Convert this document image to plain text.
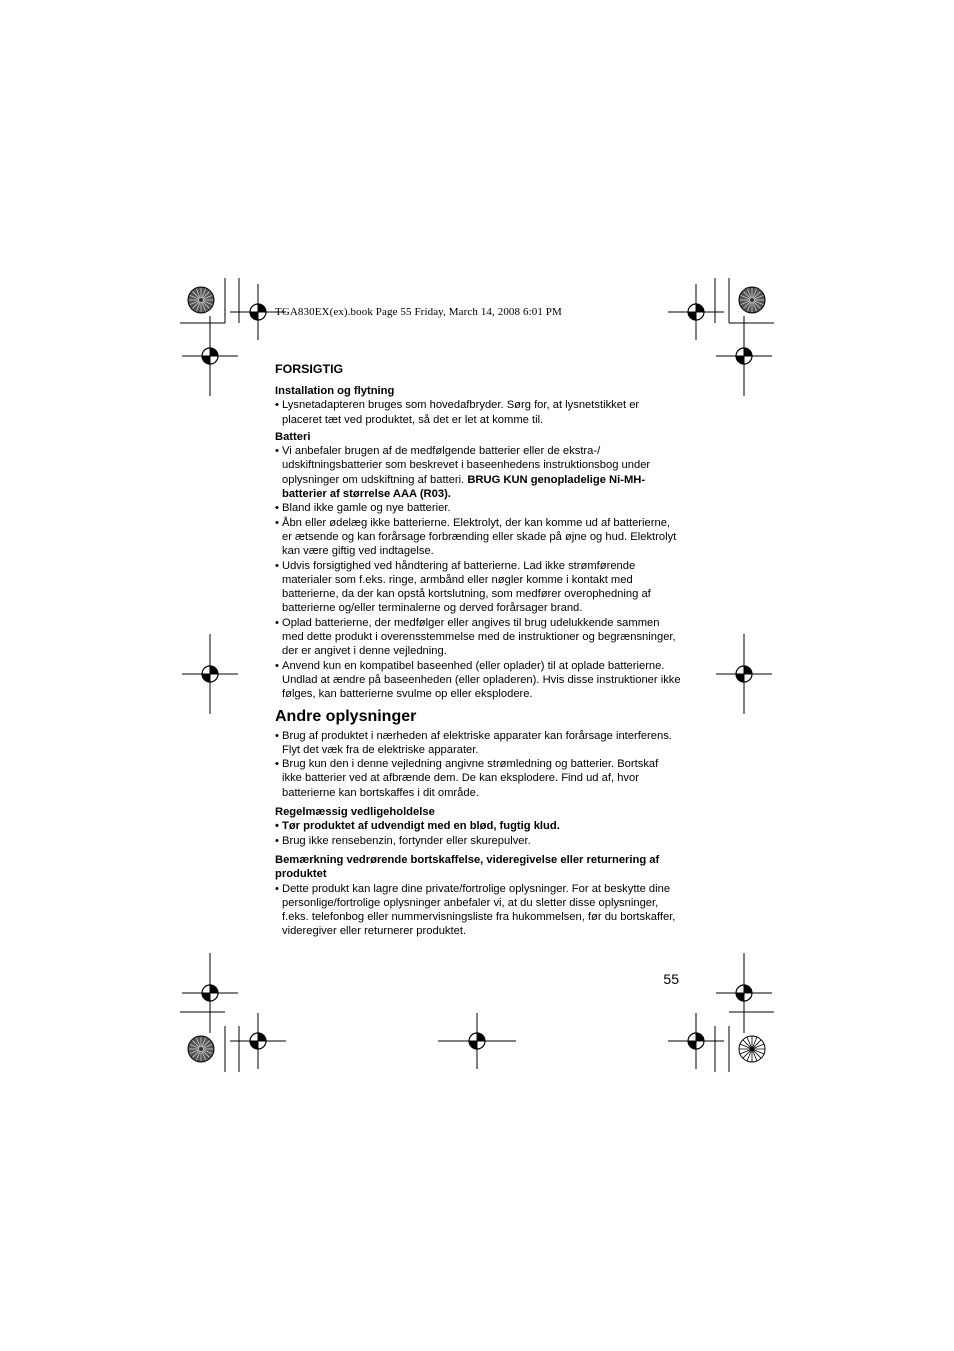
TGA830EX(ex).book Page 55 Friday, March 14, 2008 6:01 PM
FORSIGTIG

Installation og flytning

• Lysnetadapteren bruges som hovedafbryder. Sørg for, at lysnetstikket er placeret tæt ved produktet, så det er let at komme til.

Batteri

• Vi anbefaler brugen af de medfølgende batterier eller de ekstra-/ udskiftningsbatterier som beskrevet i baseenhedens instruktionsbog under oplysninger om udskiftning af batteri. BRUG KUN genopladelige Ni-MH-batterier af størrelse AAA (R03).
• Bland ikke gamle og nye batterier.
• Åbn eller ødelæg ikke batterierne. Elektrolyt, der kan komme ud af batterierne, er ætsende og kan forårsage forbrænding eller skade på øjne og hud. Elektrolyt kan være giftig ved indtagelse.
• Udvis forsigtighed ved håndtering af batterierne. Lad ikke strømførende materialer som f.eks. ringe, armbånd eller nøgler komme i kontakt med batterierne, da der kan opstå kortslutning, som medfører overophedning af batterierne og/eller terminalerne og derved forårsager brand.
• Oplad batterierne, der medfølger eller angives til brug udelukkende sammen med dette produkt i overensstemmelse med de instruktioner og begrænsninger, der er angivet i denne vejledning.
• Anvend kun en kompatibel baseenhed (eller oplader) til at oplade batterierne. Undlad at ændre på baseenheden (eller opladeren). Hvis disse instruktioner ikke følges, kan batterierne svulme op eller eksplodere.
Andre oplysninger
• Brug af produktet i nærheden af elektriske apparater kan forårsage interferens. Flyt det væk fra de elektriske apparater.
• Brug kun den i denne vejledning angivne strømledning og batterier. Bortskaf ikke batterier ved at afbrænde dem. De kan eksplodere. Find ud af, hvor batterierne kan bortskaffes i dit område.

Regelmæssig vedligeholdelse

• Tør produktet af udvendigt med en blød, fugtig klud.
• Brug ikke rensebenzin, fortynder eller skurepulver.

Bemærkning vedrørende bortskaffelse, videregivelse eller returnering af produktet

• Dette produkt kan lagre dine private/fortrolige oplysninger. For at beskytte dine personlige/fortrolige oplysninger anbefaler vi, at du sletter disse oplysninger, f.eks. telefonbog eller nummervisningsliste fra hukommelsen, før du bortskaffer, videregiver eller returnerer produktet.
55
